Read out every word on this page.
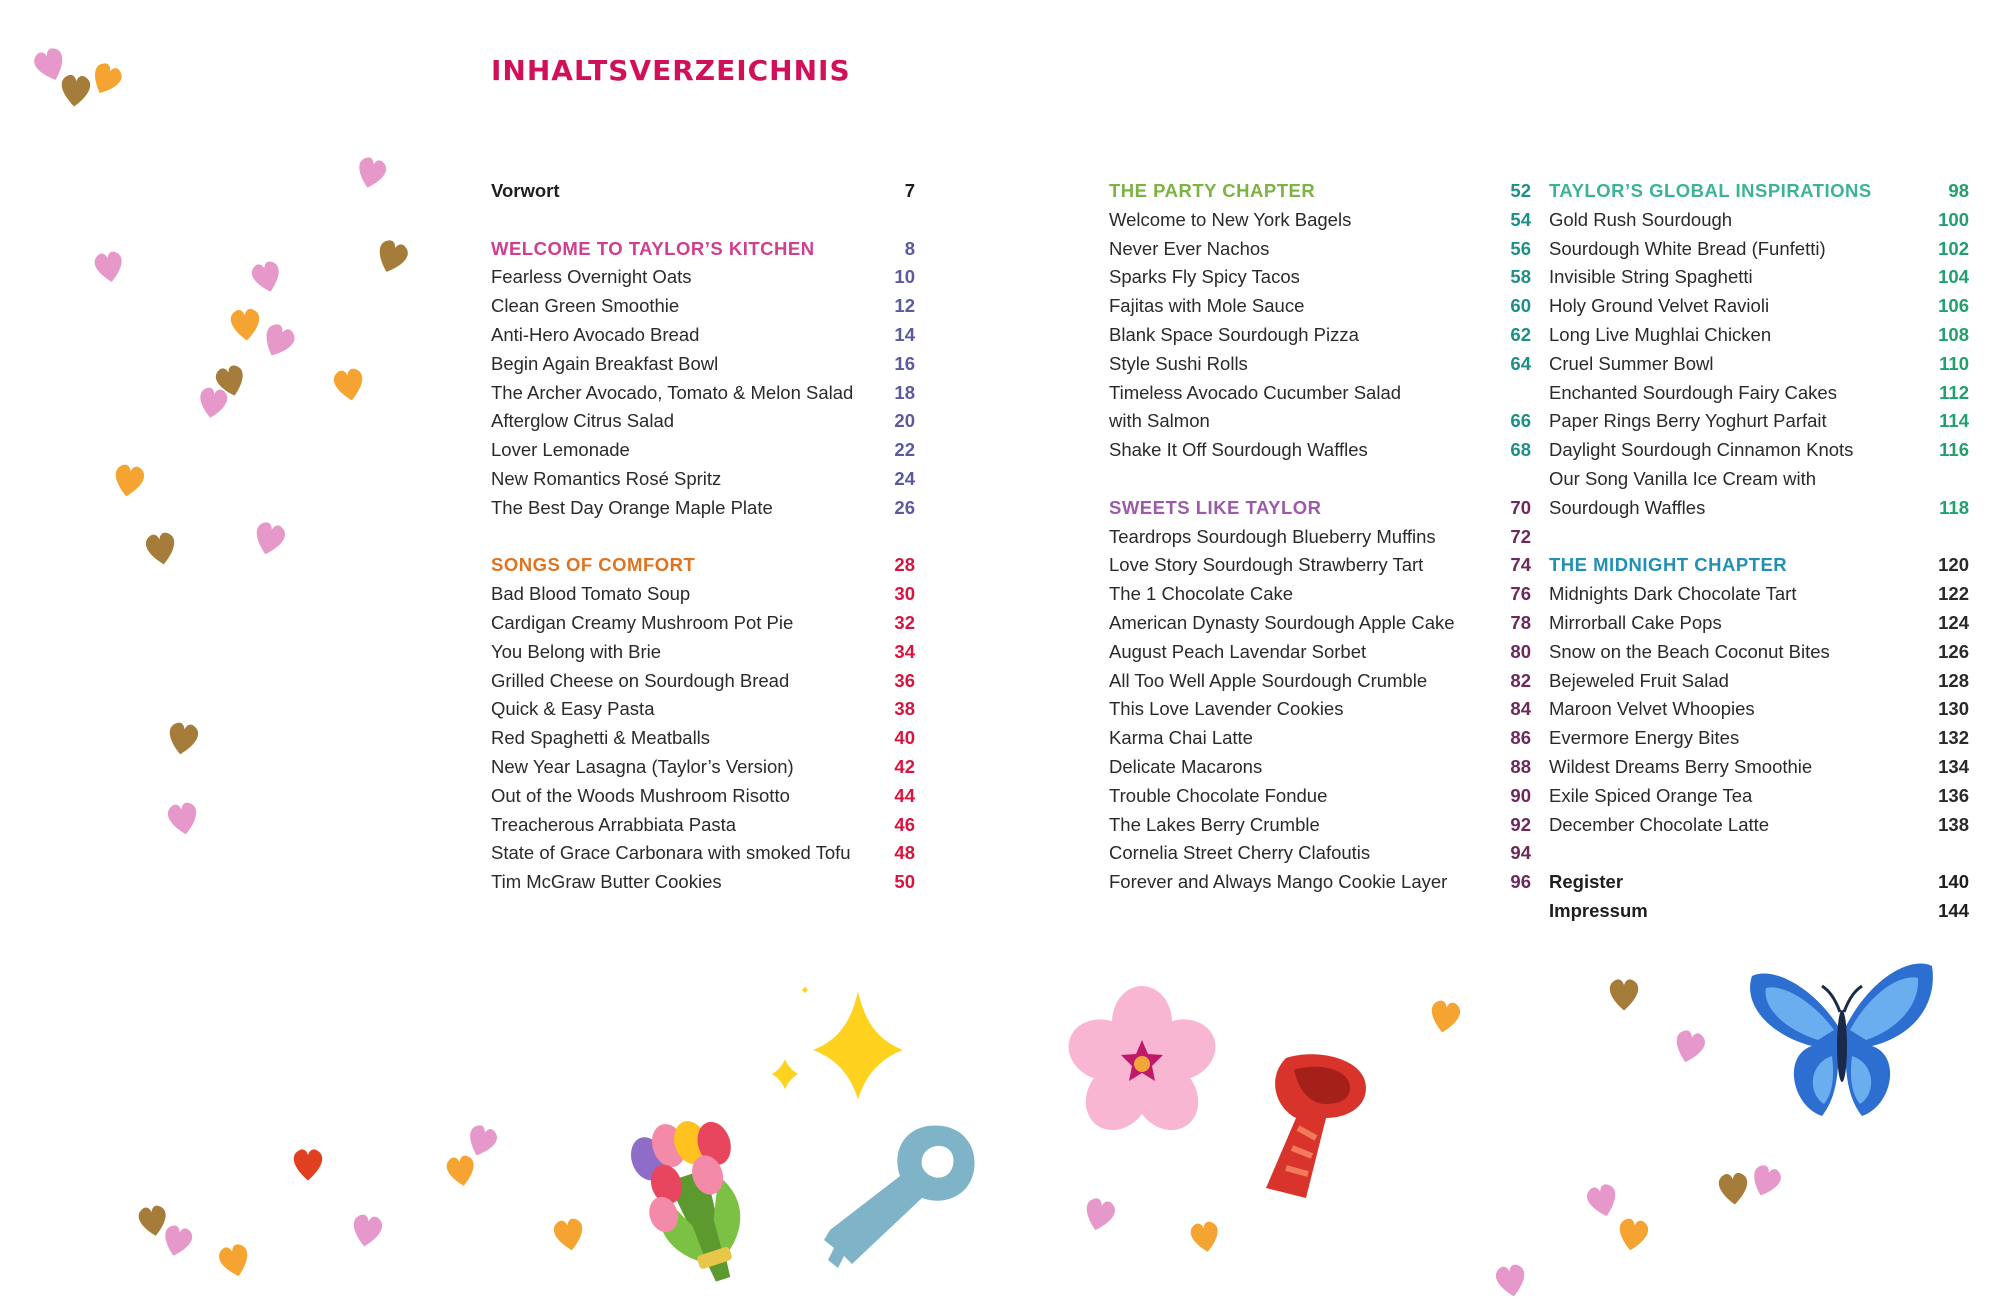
INHALTSVERZEICHNIS
Vorwort	7
WELCOME TO TAYLOR’S KITCHEN	8
Fearless Overnight Oats	10
Clean Green Smoothie	12
Anti-Hero Avocado Bread	14
Begin Again Breakfast Bowl	16
The Archer Avocado, Tomato & Melon Salad 18
Afterglow Citrus Salad	20
Lover Lemonade	22
New Romantics Rosé Spritz	24
The Best Day Orange Maple Plate	26
SONGS OF COMFORT	28
Bad Blood Tomato Soup	30
Cardigan Creamy Mushroom Pot Pie	32
You Belong with Brie	34
Grilled Cheese on Sourdough Bread	36
Quick & Easy Pasta	38
Red Spaghetti & Meatballs	40
New Year Lasagna (Taylor’s Version)	42
Out of the Woods Mushroom Risotto	44
Treacherous Arrabbiata Pasta	46
State of Grace Carbonara with smoked Tofu 48
Tim McGraw Butter Cookies	50
THE PARTY CHAPTER	52
Welcome to New York Bagels	54
Never Ever Nachos	56
Sparks Fly Spicy Tacos	58
Fajitas with Mole Sauce	60
Blank Space Sourdough Pizza	62
Style Sushi Rolls	64
Timeless Avocado Cucumber Salad
with Salmon	66
Shake It Off Sourdough Waffles	68
SWEETS LIKE TAYLOR	70
Teardrops Sourdough Blueberry Muffins	72
Love Story Sourdough Strawberry Tart	74
The 1 Chocolate Cake	76
American Dynasty Sourdough Apple Cake	78
August Peach Lavendar Sorbet	80
All Too Well Apple Sourdough Crumble	82
This Love Lavender Cookies	84
Karma Chai Latte	86
Delicate Macarons	88
Trouble Chocolate Fondue	90
The Lakes Berry Crumble	92
Cornelia Street Cherry Clafoutis	94
Forever and Always Mango Cookie Layer	96
TAYLOR’S GLOBAL INSPIRATIONS	98
Gold Rush Sourdough	100
Sourdough White Bread (Funfetti)	102
Invisible String Spaghetti	104
Holy Ground Velvet Ravioli	106
Long Live Mughlai Chicken	108
Cruel Summer Bowl	110
Enchanted Sourdough Fairy Cakes	112
Paper Rings Berry Yoghurt Parfait	114
Daylight Sourdough Cinnamon Knots	116
Our Song Vanilla Ice Cream with
Sourdough Waffles	118
THE MIDNIGHT CHAPTER	120
Midnights Dark Chocolate Tart	122
Mirrorball Cake Pops	124
Snow on the Beach Coconut Bites	126
Bejeweled Fruit Salad	128
Maroon Velvet Whoopies	130
Evermore Energy Bites	132
Wildest Dreams Berry Smoothie	134
Exile Spiced Orange Tea	136
December Chocolate Latte	138
Register	140
Impressum	144
